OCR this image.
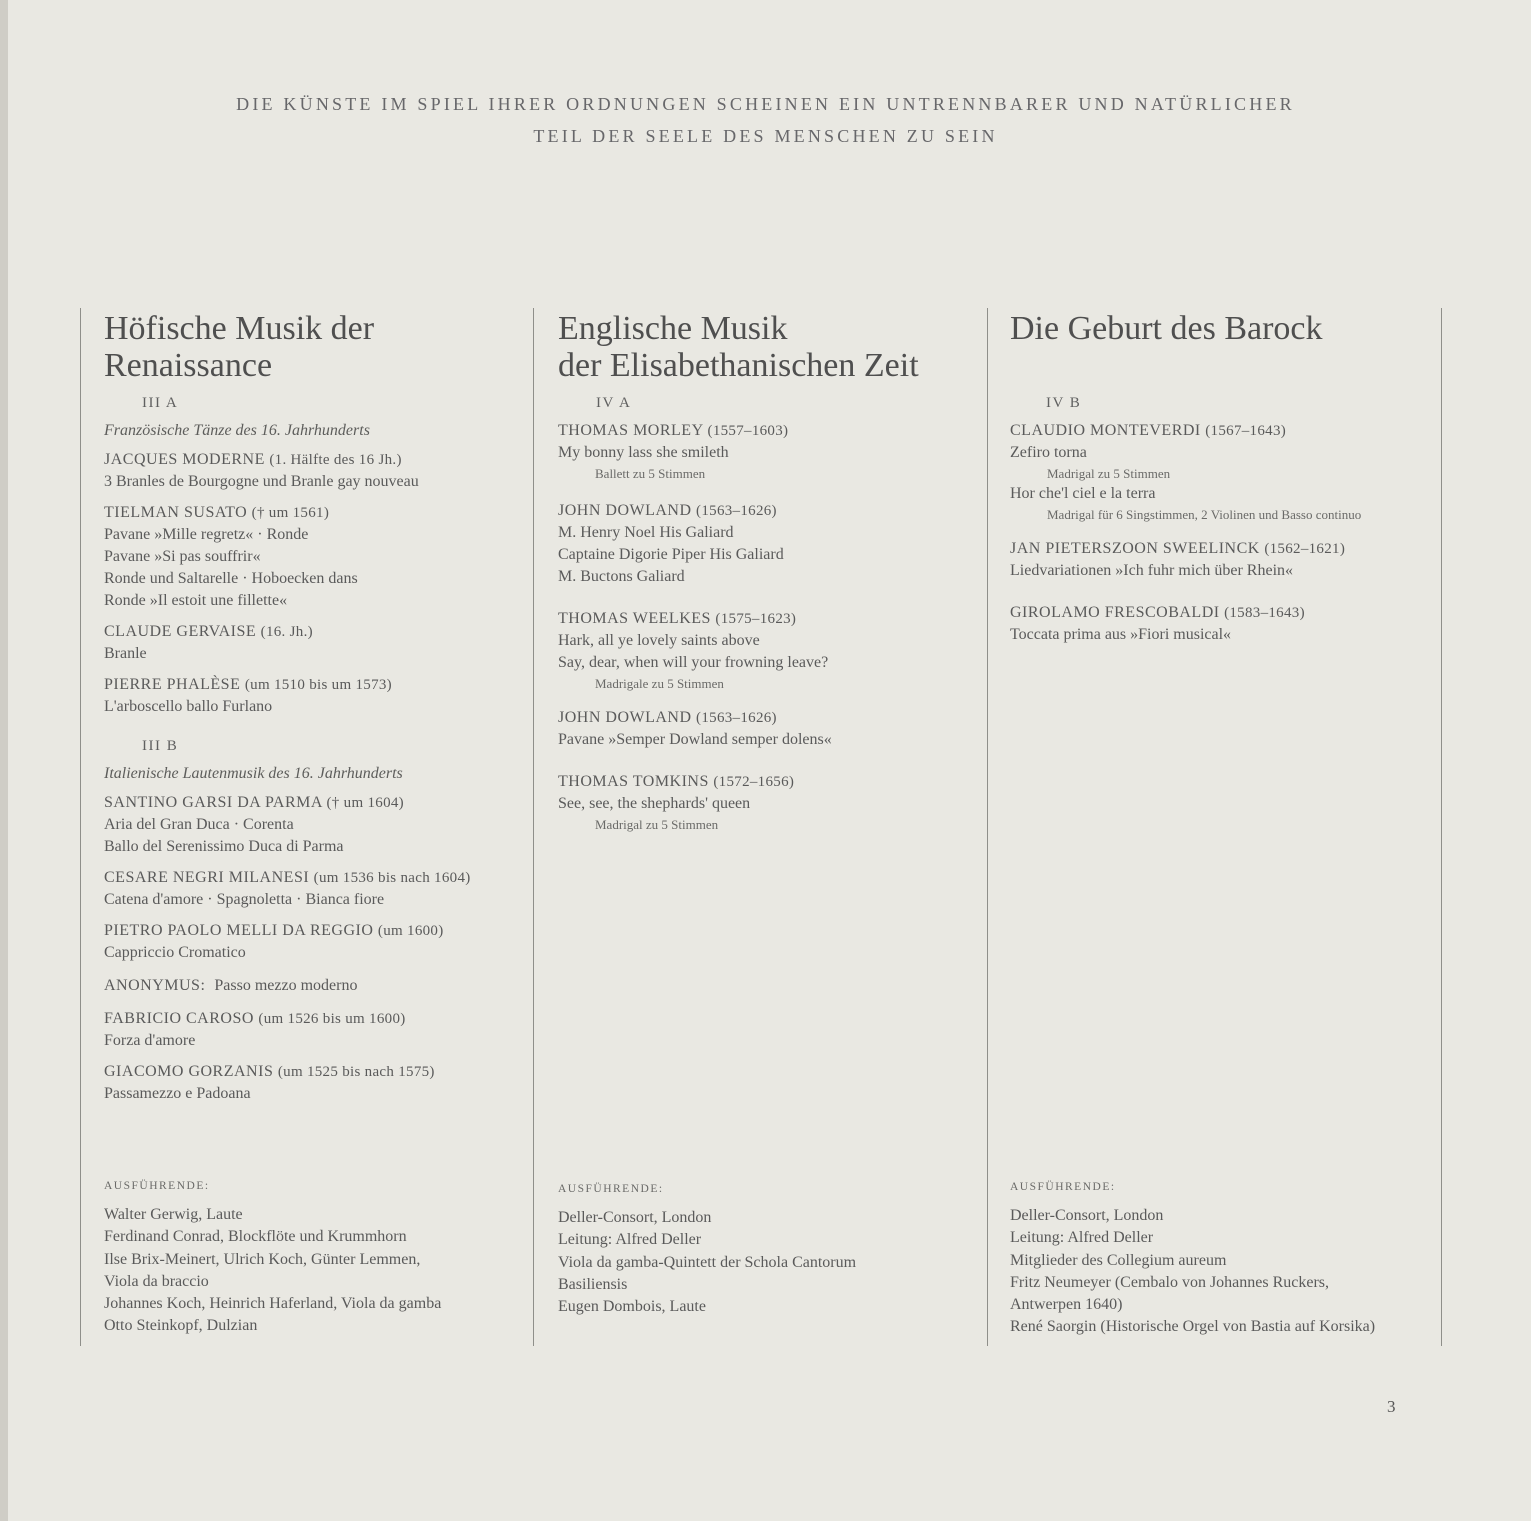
DIE KÜNSTE IM SPIEL IHRER ORDNUNGEN SCHEINEN EIN UNTRENNBARER UND NATÜRLICHER
TEIL DER SEELE DES MENSCHEN ZU SEIN
Höfische Musik der
Renaissance
III A
Französische Tänze des 16. Jahrhunderts
JACQUES MODERNE (1. Hälfte des 16 Jh.)
3 Branles de Bourgogne und Branle gay nouveau
TIELMAN SUSATO († um 1561)
Pavane »Mille regretz« · Ronde
Pavane »Si pas souffrir«
Ronde und Saltarelle · Hoboecken dans
Ronde »Il estoit une fillette«
CLAUDE GERVAISE (16. Jh.)
Branle
PIERRE PHALÈSE (um 1510 bis um 1573)
L'arboscello ballo Furlano
III B
Italienische Lautenmusik des 16. Jahrhunderts
SANTINO GARSI DA PARMA († um 1604)
Aria del Gran Duca · Corenta
Ballo del Serenissimo Duca di Parma
CESARE NEGRI MILANESI (um 1536 bis nach 1604)
Catena d'amore · Spagnoletta · Bianca fiore
PIETRO PAOLO MELLI DA REGGIO (um 1600)
Cappriccio Cromatico
ANONYMUS: Passo mezzo moderno
FABRICIO CAROSO (um 1526 bis um 1600)
Forza d'amore
GIACOMO GORZANIS (um 1525 bis nach 1575)
Passamezzo e Padoana
AUSFÜHRENDE:
Walter Gerwig, Laute
Ferdinand Conrad, Blockflöte und Krummhorn
Ilse Brix-Meinert, Ulrich Koch, Günter Lemmen,
Viola da braccio
Johannes Koch, Heinrich Haferland, Viola da gamba
Otto Steinkopf, Dulzian
Englische Musik
der Elisabethanischen Zeit
IV A
THOMAS MORLEY (1557–1603)
My bonny lass she smileth
Ballett zu 5 Stimmen
JOHN DOWLAND (1563–1626)
M. Henry Noel His Galiard
Captaine Digorie Piper His Galiard
M. Buctons Galiard
THOMAS WEELKES (1575–1623)
Hark, all ye lovely saints above
Say, dear, when will your frowning leave?
Madrigale zu 5 Stimmen
JOHN DOWLAND (1563–1626)
Pavane »Semper Dowland semper dolens«
THOMAS TOMKINS (1572–1656)
See, see, the shephards' queen
Madrigal zu 5 Stimmen
AUSFÜHRENDE:
Deller-Consort, London
Leitung: Alfred Deller
Viola da gamba-Quintett der Schola Cantorum
Basiliensis
Eugen Dombois, Laute
Die Geburt des Barock

IV B
CLAUDIO MONTEVERDI (1567–1643)
Zefiro torna
Madrigal zu 5 Stimmen
Hor che'l ciel e la terra
Madrigal für 6 Singstimmen, 2 Violinen und Basso continuo
JAN PIETERSZOON SWEELINCK (1562–1621)
Liedvariationen »Ich fuhr mich über Rhein«
GIROLAMO FRESCOBALDI (1583–1643)
Toccata prima aus »Fiori musical«
AUSFÜHRENDE:
Deller-Consort, London
Leitung: Alfred Deller
Mitglieder des Collegium aureum
Fritz Neumeyer (Cembalo von Johannes Ruckers,
Antwerpen 1640)
René Saorgin (Historische Orgel von Bastia auf Korsika)
3
